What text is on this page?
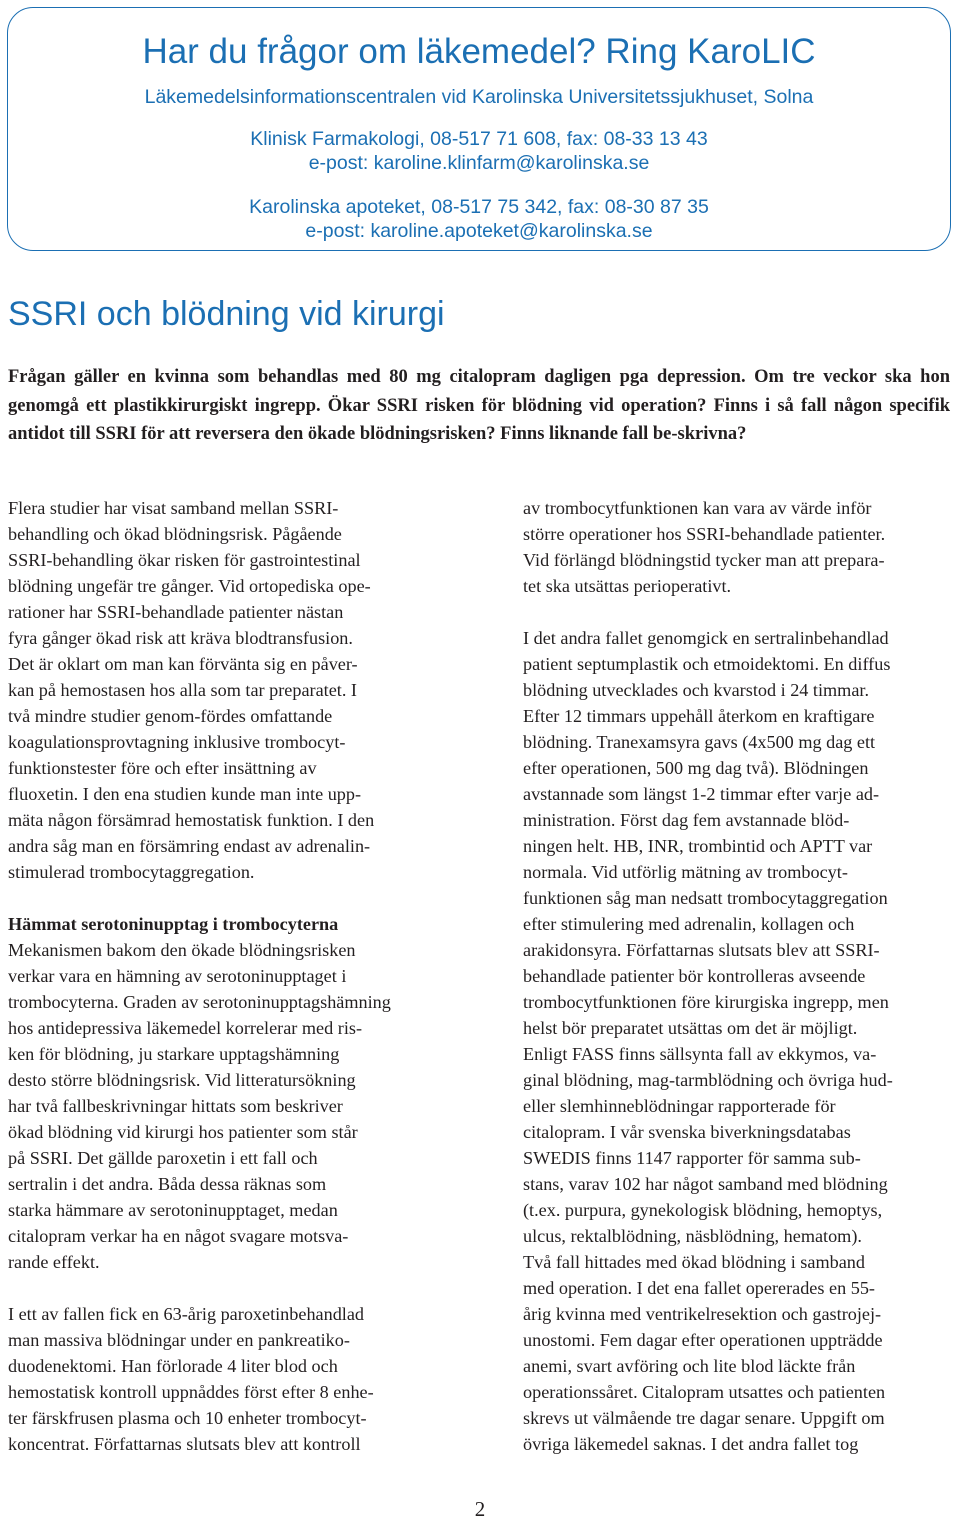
Har du frågor om läkemedel? Ring KaroLIC
Läkemedelsinformationscentralen vid Karolinska Universitetssjukhuset, Solna
Klinisk Farmakologi, 08-517 71 608, fax: 08-33 13 43
e-post: karoline.klinfarm@karolinska.se
Karolinska apoteket, 08-517 75 342, fax: 08-30 87 35
e-post: karoline.apoteket@karolinska.se
SSRI och blödning vid kirurgi
Frågan gäller en kvinna som behandlas med 80 mg citalopram dagligen pga depression. Om tre veckor ska hon genomgå ett plastikkirurgiskt ingrepp. Ökar SSRI risken för blödning vid operation? Finns i så fall någon specifik antidot till SSRI för att reversera den ökade blödningsrisken? Finns liknande fall be-skrivna?
Flera studier har visat samband mellan SSRI-
behandling och ökad blödningsrisk. Pågående
SSRI-behandling ökar risken för gastrointestinal
blödning ungefär tre gånger. Vid ortopediska ope-
rationer har SSRI-behandlade patienter nästan
fyra gånger ökad risk att kräva blodtransfusion.
Det är oklart om man kan förvänta sig en påver-
kan på hemostasen hos alla som tar preparatet. I
två mindre studier genom-fördes omfattande
koagulationsprovtagning inklusive trombocyt-
funktionstester före och efter insättning av
fluoxetin. I den ena studien kunde man inte upp-
mäta någon försämrad hemostatisk funktion. I den
andra såg man en försämring endast av adrenalin-
stimulerad trombocytaggregation.
Hämmat serotoninupptag i trombocyterna
Mekanismen bakom den ökade blödningsrisken
verkar vara en hämning av serotoninupptaget i
trombocyterna. Graden av serotoninupptagshämning
hos antidepressiva läkemedel korrelerar med ris-
ken för blödning, ju starkare upptagshämning
desto större blödningsrisk. Vid litteratursökning
har två fallbeskrivningar hittats som beskriver
ökad blödning vid kirurgi hos patienter som står
på SSRI. Det gällde paroxetin i ett fall och
sertralin i det andra. Båda dessa räknas som
starka hämmare av serotoninupptaget, medan
citalopram verkar ha en något svagare motsva-
rande effekt.
I ett av fallen fick en 63-årig paroxetinbehandlad
man massiva blödningar under en pankreatiko-
duodenektomi. Han förlorade 4 liter blod och
hemostatisk kontroll uppnåddes först efter 8 enhe-
ter färskfrusen plasma och 10 enheter trombocyt-
koncentrat. Författarnas slutsats blev att kontroll
av trombocytfunktionen kan vara av värde inför
större operationer hos SSRI-behandlade patienter.
Vid förlängd blödningstid tycker man att prepara-
tet ska utsättas perioperativt.
I det andra fallet genomgick en sertralinbehandlad
patient septumplastik och etmoidektomi. En diffus
blödning utvecklades och kvarstod i 24 timmar.
Efter 12 timmars uppehåll återkom en kraftigare
blödning. Tranexamsyra gavs (4x500 mg dag ett
efter operationen, 500 mg dag två). Blödningen
avstannade som längst 1-2 timmar efter varje ad-
ministration. Först dag fem avstannade blöd-
ningen helt. HB, INR, trombintid och APTT var
normala. Vid utförlig mätning av trombocyt-
funktionen såg man nedsatt trombocytaggregation
efter stimulering med adrenalin, kollagen och
arakidonsyra. Författarnas slutsats blev att SSRI-
behandlade patienter bör kontrolleras avseende
trombocytfunktionen före kirurgiska ingrepp, men
helst bör preparatet utsättas om det är möjligt.
Enligt FASS finns sällsynta fall av ekkymos, va-
ginal blödning, mag-tarmblödning och övriga hud-
eller slemhinneblödningar rapporterade för
citalopram. I vår svenska biverkningsdatabas
SWEDIS finns 1147 rapporter för samma sub-
stans, varav 102 har något samband med blödning
(t.ex. purpura, gynekologisk blödning, hemoptys,
ulcus, rektalblödning, näsblödning, hematom).
Två fall hittades med ökad blödning i samband
med operation. I det ena fallet opererades en 55-
årig kvinna med ventrikelresektion och gastrojej-
unostomi. Fem dagar efter operationen uppträdde
anemi, svart avföring och lite blod läckte från
operationssåret. Citalopram utsattes och patienten
skrevs ut välmående tre dagar senare. Uppgift om
övriga läkemedel saknas. I det andra fallet tog
2
